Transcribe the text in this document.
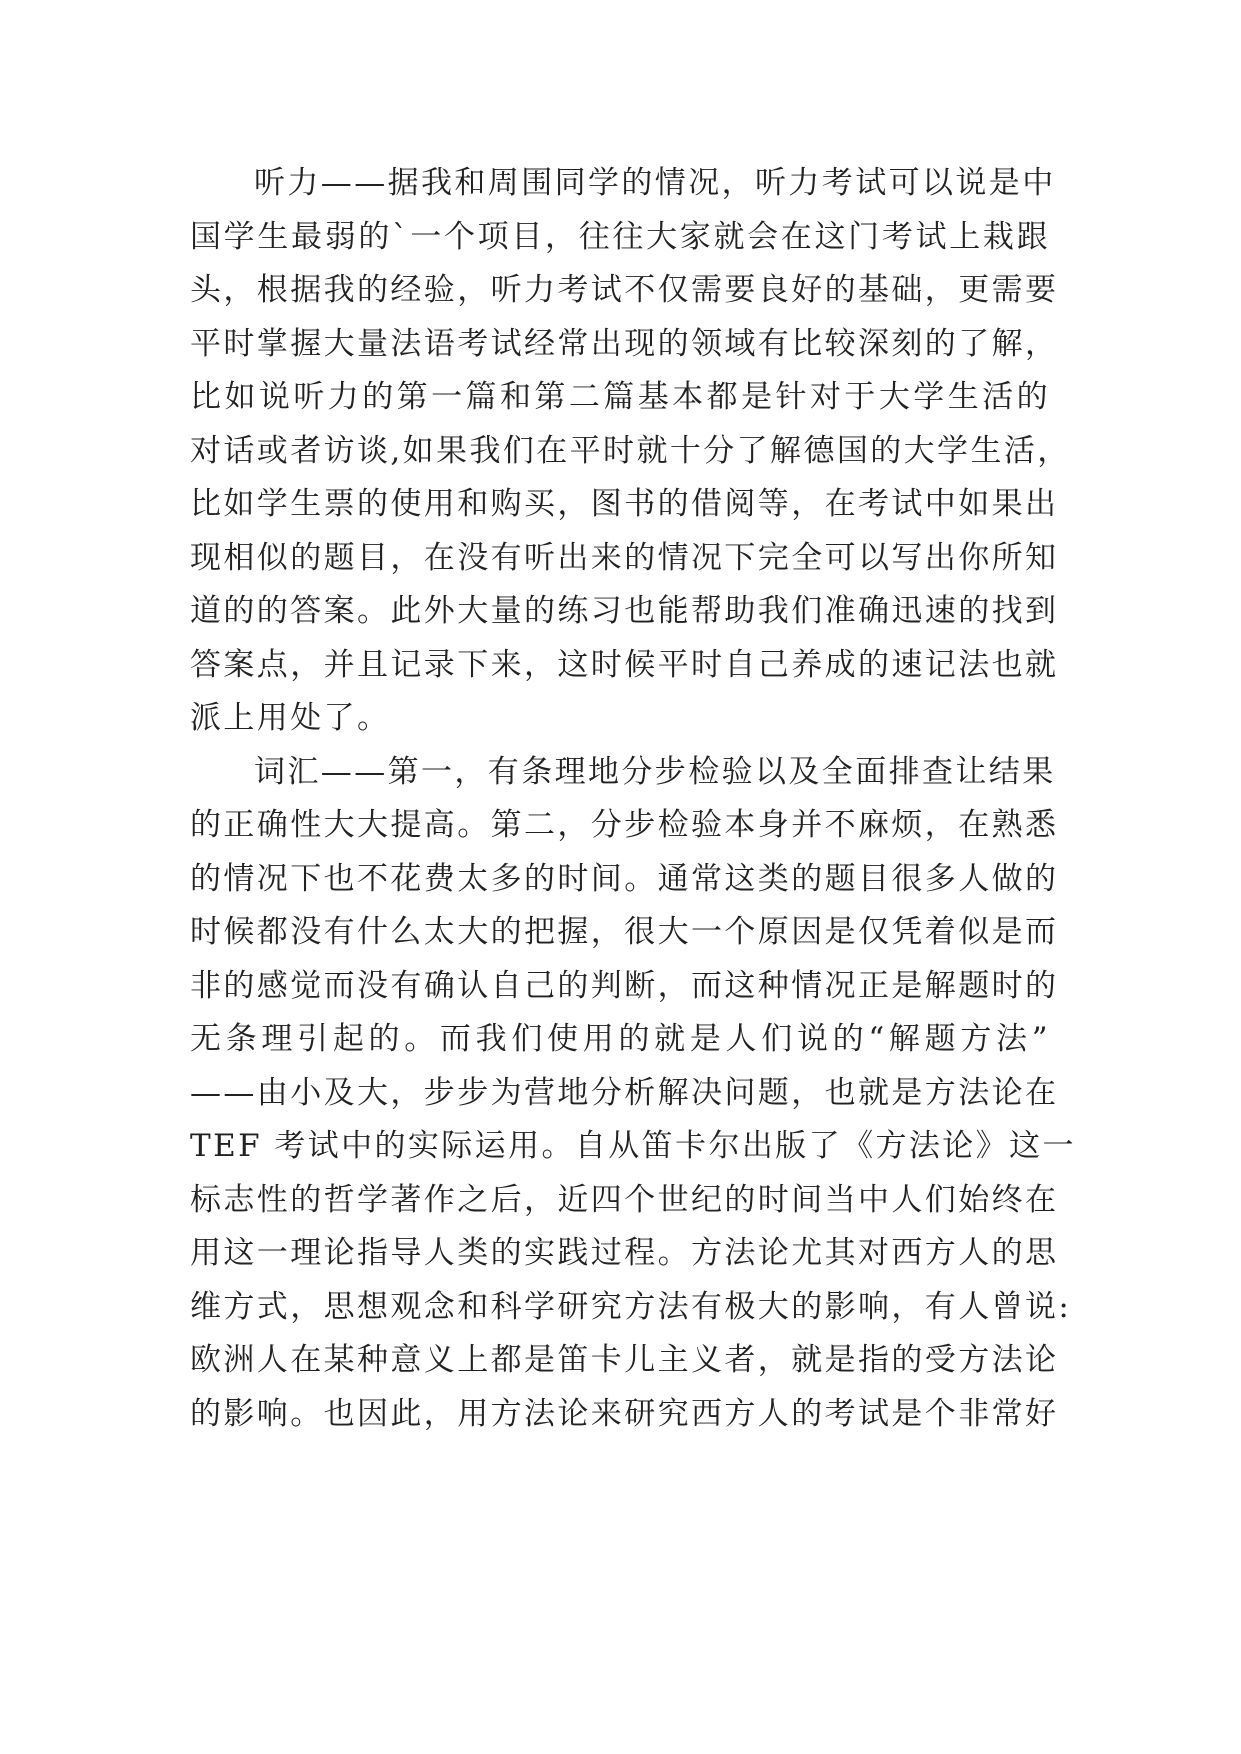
听力——据我和周围同学的情况，听力考试可以说是中
国学生最弱的`一个项目，往往大家就会在这门考试上栽跟
头，根据我的经验，听力考试不仅需要良好的基础，更需要
平时掌握大量法语考试经常出现的领域有比较深刻的了解，
比如说听力的第一篇和第二篇基本都是针对于大学生活的
对话或者访谈,如果我们在平时就十分了解德国的大学生活，
比如学生票的使用和购买，图书的借阅等，在考试中如果出
现相似的题目，在没有听出来的情况下完全可以写出你所知
道的的答案。此外大量的练习也能帮助我们准确迅速的找到
答案点，并且记录下来，这时候平时自己养成的速记法也就
派上用处了。
词汇——第一，有条理地分步检验以及全面排查让结果
的正确性大大提高。第二，分步检验本身并不麻烦，在熟悉
的情况下也不花费太多的时间。通常这类的题目很多人做的
时候都没有什么太大的把握，很大一个原因是仅凭着似是而
非的感觉而没有确认自己的判断，而这种情况正是解题时的
无条理引起的。而我们使用的就是人们说的“解题方法”
——由小及大，步步为营地分析解决问题，也就是方法论在
TEF 考试中的实际运用。自从笛卡尔出版了《方法论》这一
标志性的哲学著作之后，近四个世纪的时间当中人们始终在
用这一理论指导人类的实践过程。方法论尤其对西方人的思
维方式，思想观念和科学研究方法有极大的影响，有人曾说:
欧洲人在某种意义上都是笛卡儿主义者，就是指的受方法论
的影响。也因此，用方法论来研究西方人的考试是个非常好
